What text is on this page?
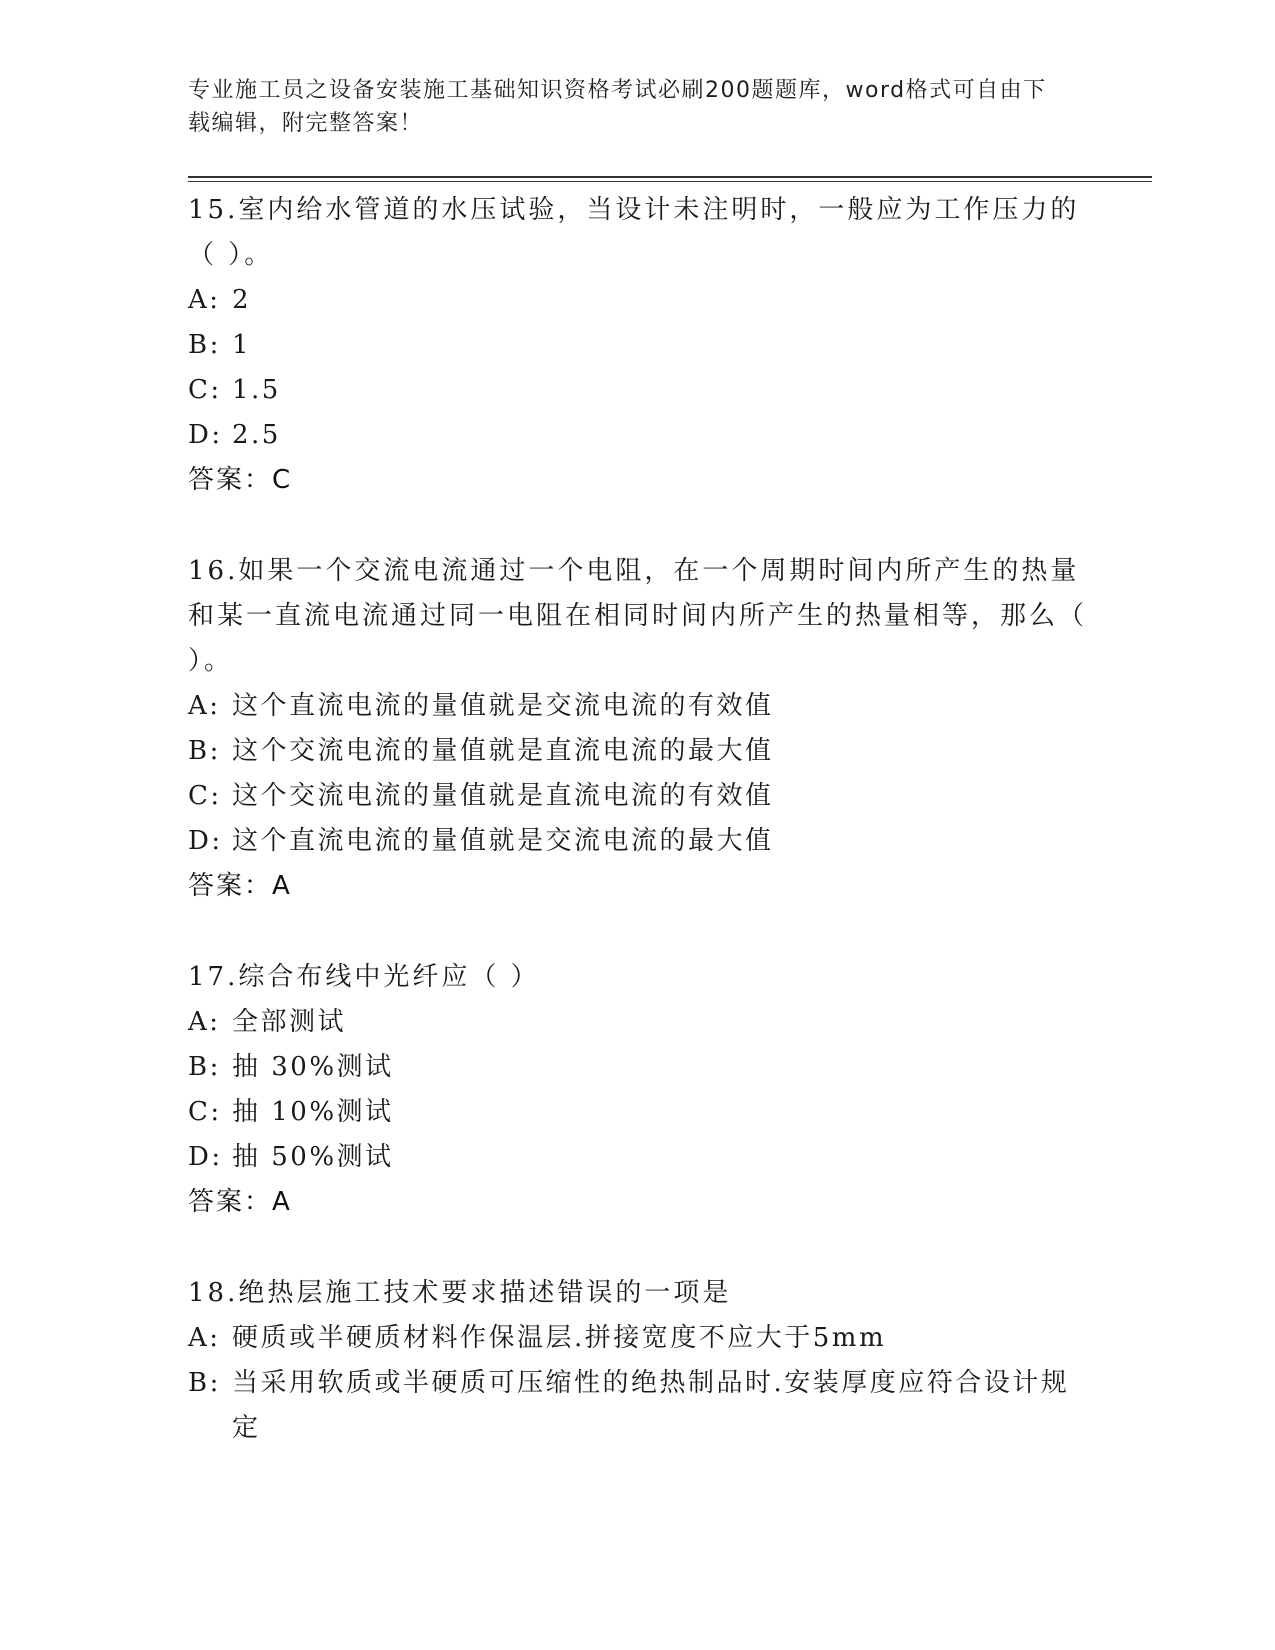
专业施工员之设备安装施工基础知识资格考试必刷200题题库，word格式可自由下载编辑，附完整答案！

15.室内给水管道的水压试验，当设计未注明时，一般应为工作压力的（ ）。

A: 2

B: 1

C: 1.5

D: 2.5

答案：C

16.如果一个交流电流通过一个电阻，在一个周期时间内所产生的热量和某一直流电流通过同一电阻在相同时间内所产生的热量相等，那么（ ）。

A: 这个直流电流的量值就是交流电流的有效值

B: 这个交流电流的量值就是直流电流的最大值

C: 这个交流电流的量值就是直流电流的有效值

D: 这个直流电流的量值就是交流电流的最大值

答案：A

17.综合布线中光纤应（ ）

A: 全部测试

B: 抽 30%测试

C: 抽 10%测试

D: 抽 50%测试

答案：A

18.绝热层施工技术要求描述错误的一项是

A: 硬质或半硬质材料作保温层.拼接宽度不应大于5mm

B: 当采用软质或半硬质可压缩性的绝热制品时.安装厚度应符合设计规定
